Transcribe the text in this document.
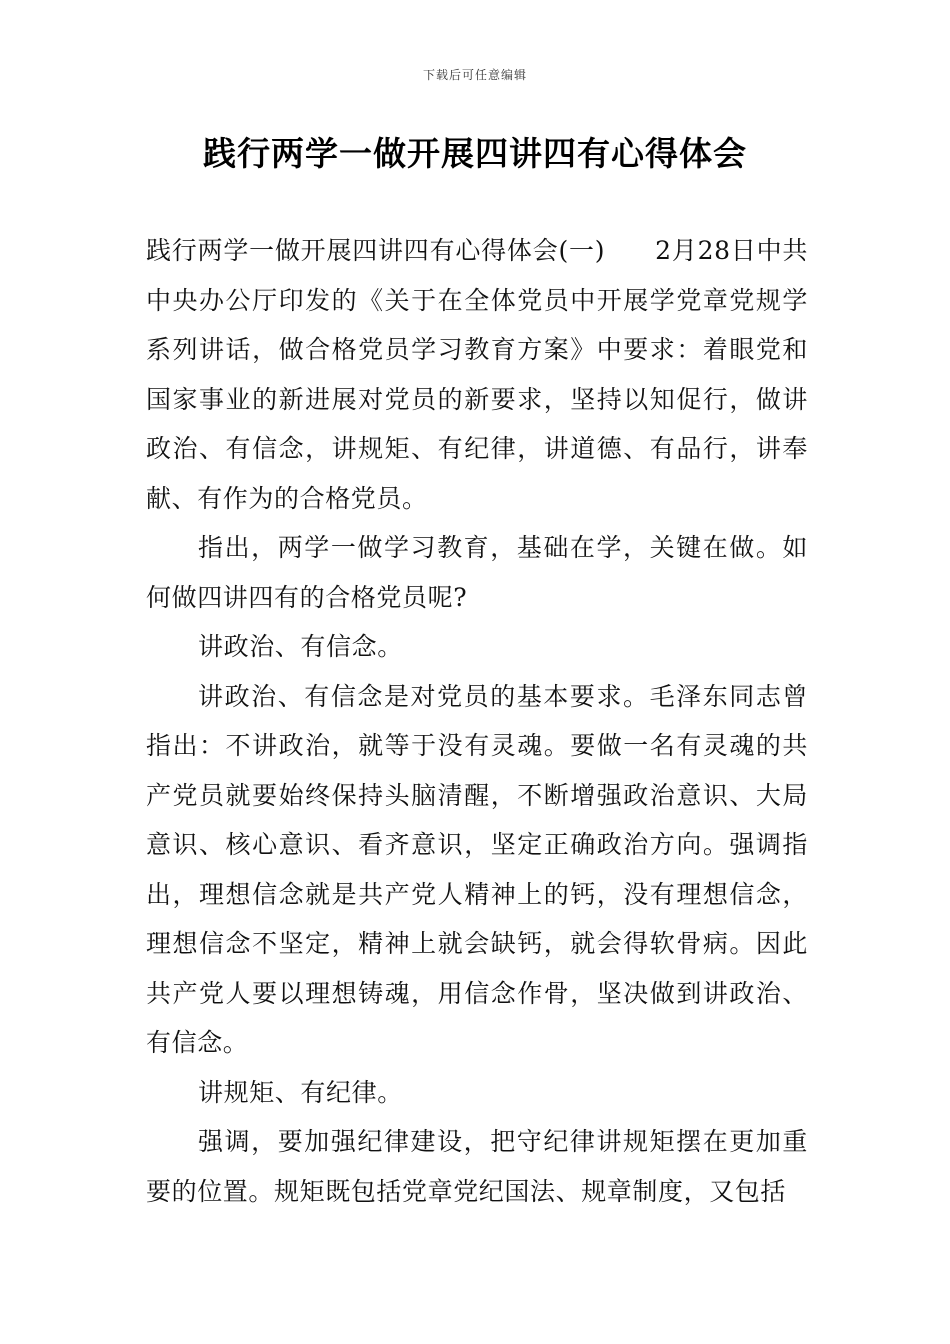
下载后可任意编辑
践行两学一做开展四讲四有心得体会

践行两学一做开展四讲四有心得体会(一) 2月28日中共中央办公厅印发的《关于在全体党员中开展学党章党规学系列讲话，做合格党员学习教育方案》中要求：着眼党和国家事业的新进展对党员的新要求，坚持以知促行，做讲政治、有信念，讲规矩、有纪律，讲道德、有品行，讲奉献、有作为的合格党员。

指出，两学一做学习教育，基础在学，关键在做。如何做四讲四有的合格党员呢?

讲政治、有信念。

讲政治、有信念是对党员的基本要求。毛泽东同志曾指出：不讲政治，就等于没有灵魂。要做一名有灵魂的共产党员就要始终保持头脑清醒，不断增强政治意识、大局意识、核心意识、看齐意识，坚定正确政治方向。强调指出，理想信念就是共产党人精神上的钙，没有理想信念，理想信念不坚定，精神上就会缺钙，就会得软骨病。因此共产党人要以理想铸魂，用信念作骨，坚决做到讲政治、有信念。

讲规矩、有纪律。

强调，要加强纪律建设，把守纪律讲规矩摆在更加重要的位置。规矩既包括党章党纪国法、规章制度，又包括
